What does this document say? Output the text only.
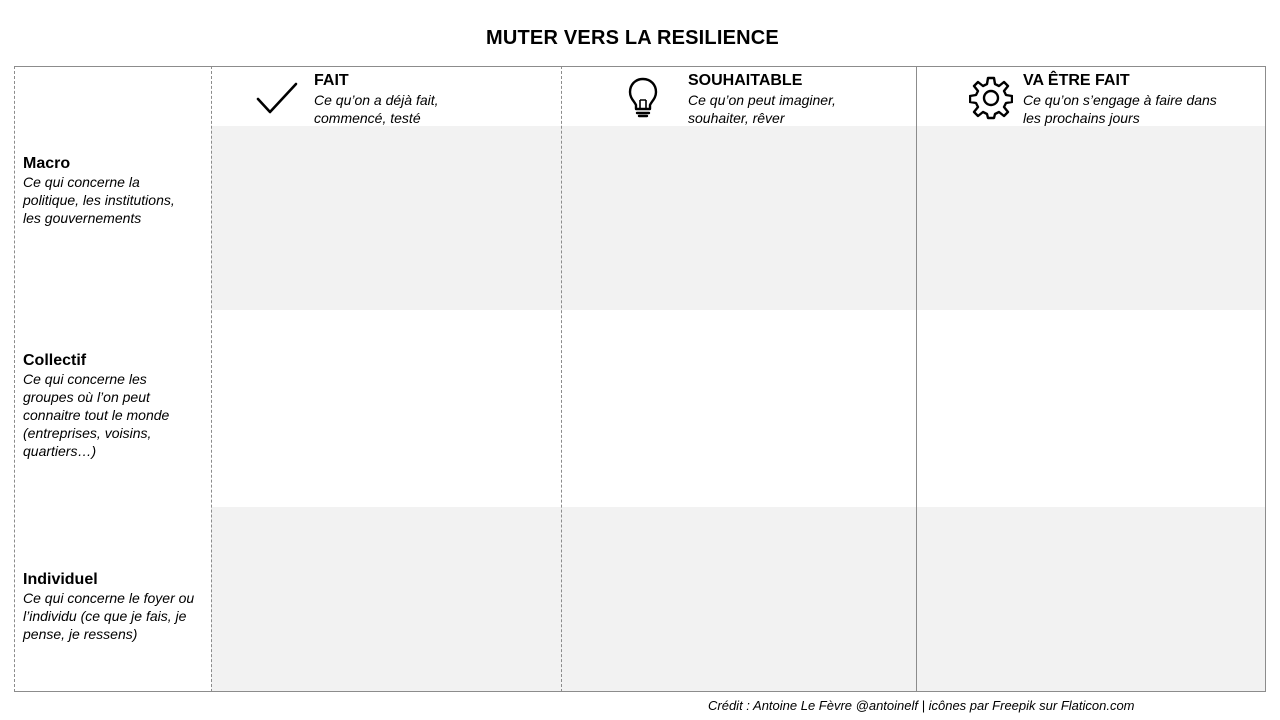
MUTER VERS LA RESILIENCE
FAIT
Ce qu’on a déjà fait,
commencé, testé
SOUHAITABLE
Ce qu’on peut imaginer,
souhaiter, rêver
VA ÊTRE FAIT
Ce qu’on s’engage à faire dans
les prochains jours
Macro
Ce qui concerne la
politique, les institutions,
les gouvernements
Collectif
Ce qui concerne les
groupes où l’on peut
connaitre tout le monde
(entreprises, voisins,
quartiers…)
Individuel
Ce qui concerne le foyer ou
l’individu (ce que je fais, je
pense, je ressens)
Crédit : Antoine Le Fèvre @antoinelf | icônes par Freepik sur Flaticon.com
